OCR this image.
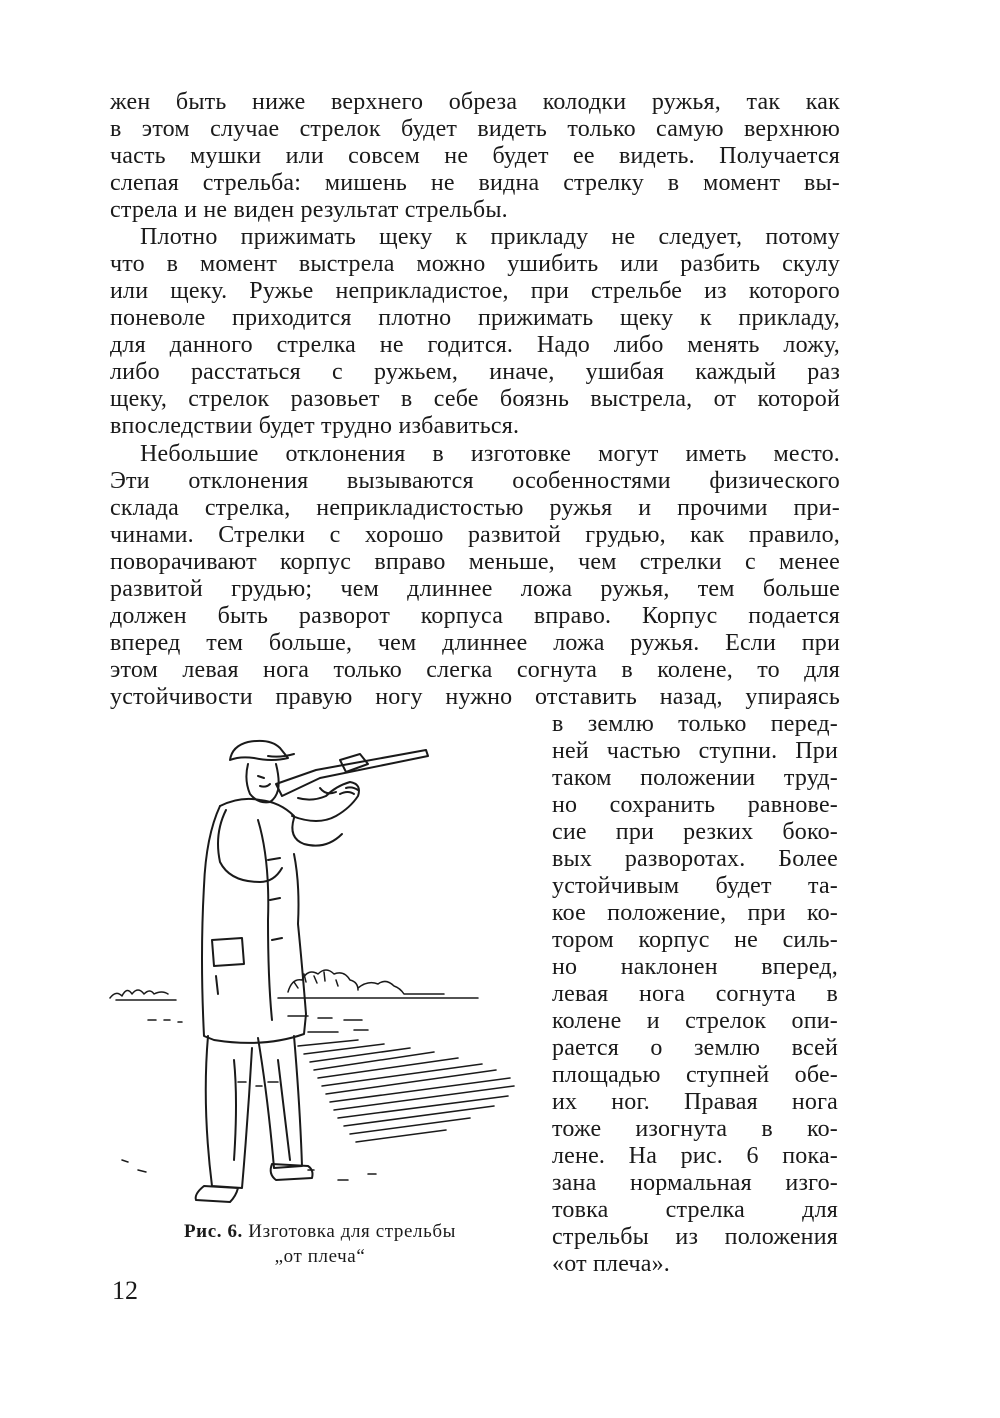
жен быть ниже верхнего обреза колодки ружья, так как
в этом случае стрелок будет видеть только самую верхнюю
часть мушки или совсем не будет ее видеть. Получается
слепая стрельба: мишень не видна стрелку в момент вы-
стрела и не виден результат стрельбы.
Плотно прижимать щеку к прикладу не следует, потому
что в момент выстрела можно ушибить или разбить скулу
или щеку. Ружье неприкладистое, при стрельбе из которого
поневоле приходится плотно прижимать щеку к прикладу,
для данного стрелка не годится. Надо либо менять ложу,
либо расстаться с ружьем, иначе, ушибая каждый раз
щеку, стрелок разовьет в себе боязнь выстрела, от которой
впоследствии будет трудно избавиться.
Небольшие отклонения в изготовке могут иметь место.
Эти отклонения вызываются особенностями физического
склада стрелка, неприкладистостью ружья и прочими при-
чинами. Стрелки с хорошо развитой грудью, как правило,
поворачивают корпус вправо меньше, чем стрелки с менее
развитой грудью; чем длиннее ложа ружья, тем больше
должен быть разворот корпуса вправо. Корпус подается
вперед тем больше, чем длиннее ложа ружья. Если при
этом левая нога только слегка согнута в колене, то для
устойчивости правую ногу нужно отставить назад, упираясь
в землю только перед-
ней частью ступни. При
таком положении труд-
но сохранить равнове-
сие при резких боко-
вых разворотах. Более
устойчивым будет та-
кое положение, при ко-
тором корпус не силь-
но наклонен вперед,
левая нога согнута в
колене и стрелок опи-
рается о землю всей
площадью ступней обе-
их ног. Правая нога
тоже изогнута в ко-
лене. На рис. 6 пока-
зана нормальная изго-
товка стрелка для
стрельбы из положения
«от плеча».
Рис. 6. Изготовка для стрельбы
„от плеча“
12
